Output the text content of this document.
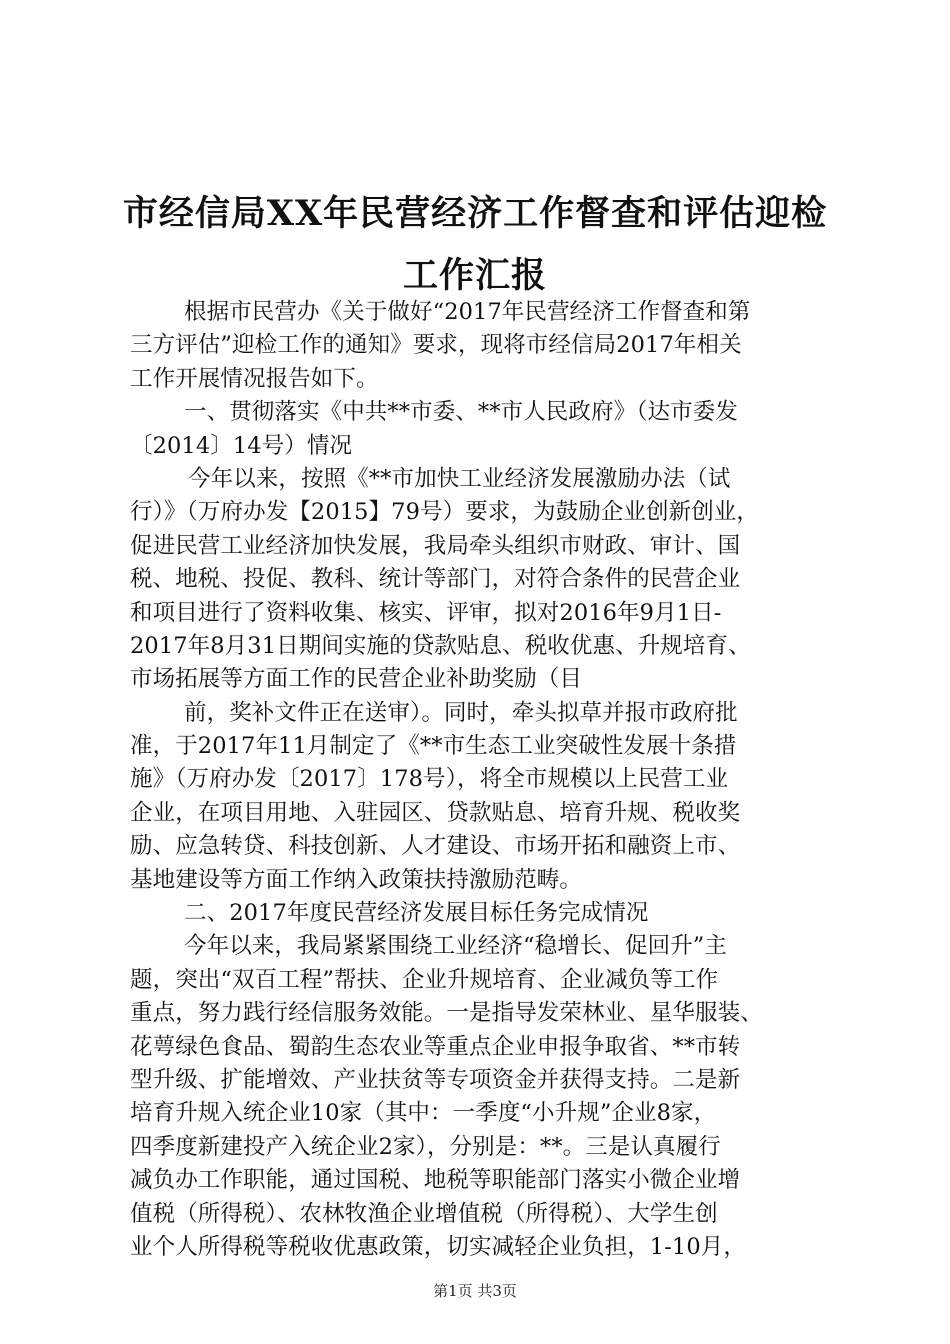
市经信局XX年民营经济工作督查和评估迎检
工作汇报
根据市民营办《关于做好“2017年民营经济工作督查和第
三方评估”迎检工作的通知》要求，现将市经信局2017年相关
工作开展情况报告如下。
一、贯彻落实《中共**市委、**市人民政府》（达市委发
〔2014〕14号）情况
今年以来，按照《**市加快工业经济发展激励办法（试
行）》（万府办发【2015】79号）要求，为鼓励企业创新创业，
促进民营工业经济加快发展，我局牵头组织市财政、审计、国
税、地税、投促、教科、统计等部门，对符合条件的民营企业
和项目进行了资料收集、核实、评审，拟对2016年9月1日-
2017年8月31日期间实施的贷款贴息、税收优惠、升规培育、
市场拓展等方面工作的民营企业补助奖励（目
前，奖补文件正在送审）。同时，牵头拟草并报市政府批
准，于2017年11月制定了《**市生态工业突破性发展十条措
施》（万府办发〔2017〕178号），将全市规模以上民营工业
企业，在项目用地、入驻园区、贷款贴息、培育升规、税收奖
励、应急转贷、科技创新、人才建设、市场开拓和融资上市、
基地建设等方面工作纳入政策扶持激励范畴。
二、2017年度民营经济发展目标任务完成情况
今年以来，我局紧紧围绕工业经济“稳增长、促回升”主
题，突出“双百工程”帮扶、企业升规培育、企业减负等工作
重点，努力践行经信服务效能。一是指导发荣林业、星华服装、
花萼绿色食品、蜀韵生态农业等重点企业申报争取省、**市转
型升级、扩能增效、产业扶贫等专项资金并获得支持。二是新
培育升规入统企业10家（其中：一季度“小升规”企业8家，
四季度新建投产入统企业2家），分别是：**。三是认真履行
减负办工作职能，通过国税、地税等职能部门落实小微企业增
值税（所得税）、农林牧渔企业增值税（所得税）、大学生创
业个人所得税等税收优惠政策，切实减轻企业负担，1-10月，
第1页 共3页
